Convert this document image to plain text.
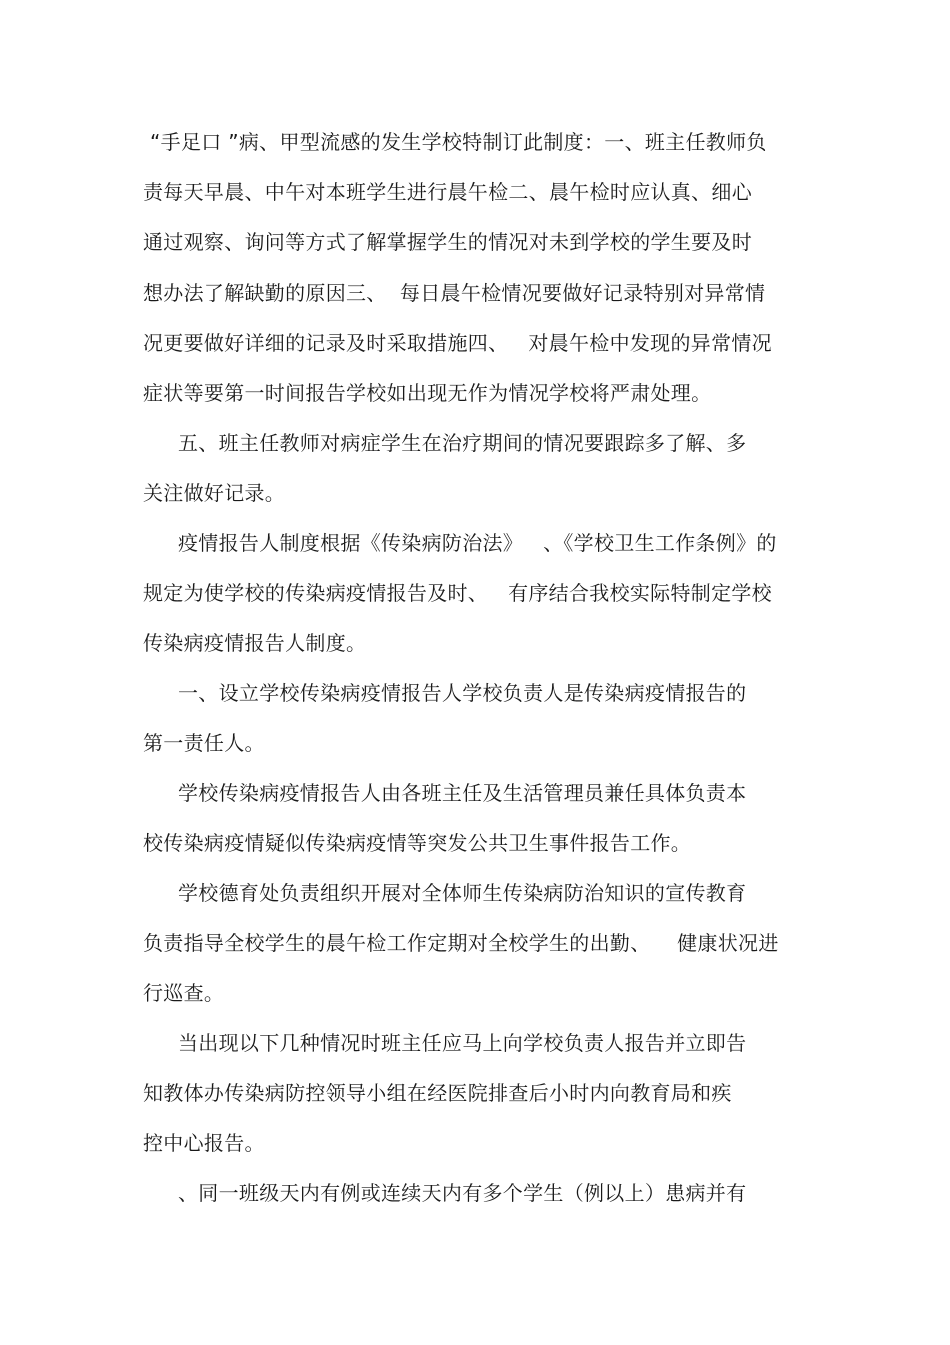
“手足口 ”病、甲型流感的发生学校特制订此制度：一、班主任教师负

责每天早晨、中午对本班学生进行晨午检二、晨午检时应认真、细心

通过观察、询问等方式了解掌握学生的情况对未到学校的学生要及时

想办法了解缺勤的原因三、  每日晨午检情况要做好记录特别对异常情

况更要做好详细的记录及时采取措施四、   对晨午检中发现的异常情况

症状等要第一时间报告学校如出现无作为情况学校将严肃处理。

五、班主任教师对病症学生在治疗期间的情况要跟踪多了解、多

关注做好记录。

疫情报告人制度根据《传染病防治法》   、《学校卫生工作条例》的

规定为使学校的传染病疫情报告及时、   有序结合我校实际特制定学校

传染病疫情报告人制度。

一、设立学校传染病疫情报告人学校负责人是传染病疫情报告的

第一责任人。

学校传染病疫情报告人由各班主任及生活管理员兼任具体负责本

校传染病疫情疑似传染病疫情等突发公共卫生事件报告工作。

学校德育处负责组织开展对全体师生传染病防治知识的宣传教育

负责指导全校学生的晨午检工作定期对全校学生的出勤、    健康状况进

行巡查。

当出现以下几种情况时班主任应马上向学校负责人报告并立即告

知教体办传染病防控领导小组在经医院排查后小时内向教育局和疾

控中心报告。

、同一班级天内有例或连续天内有多个学生（例以上）患病并有
